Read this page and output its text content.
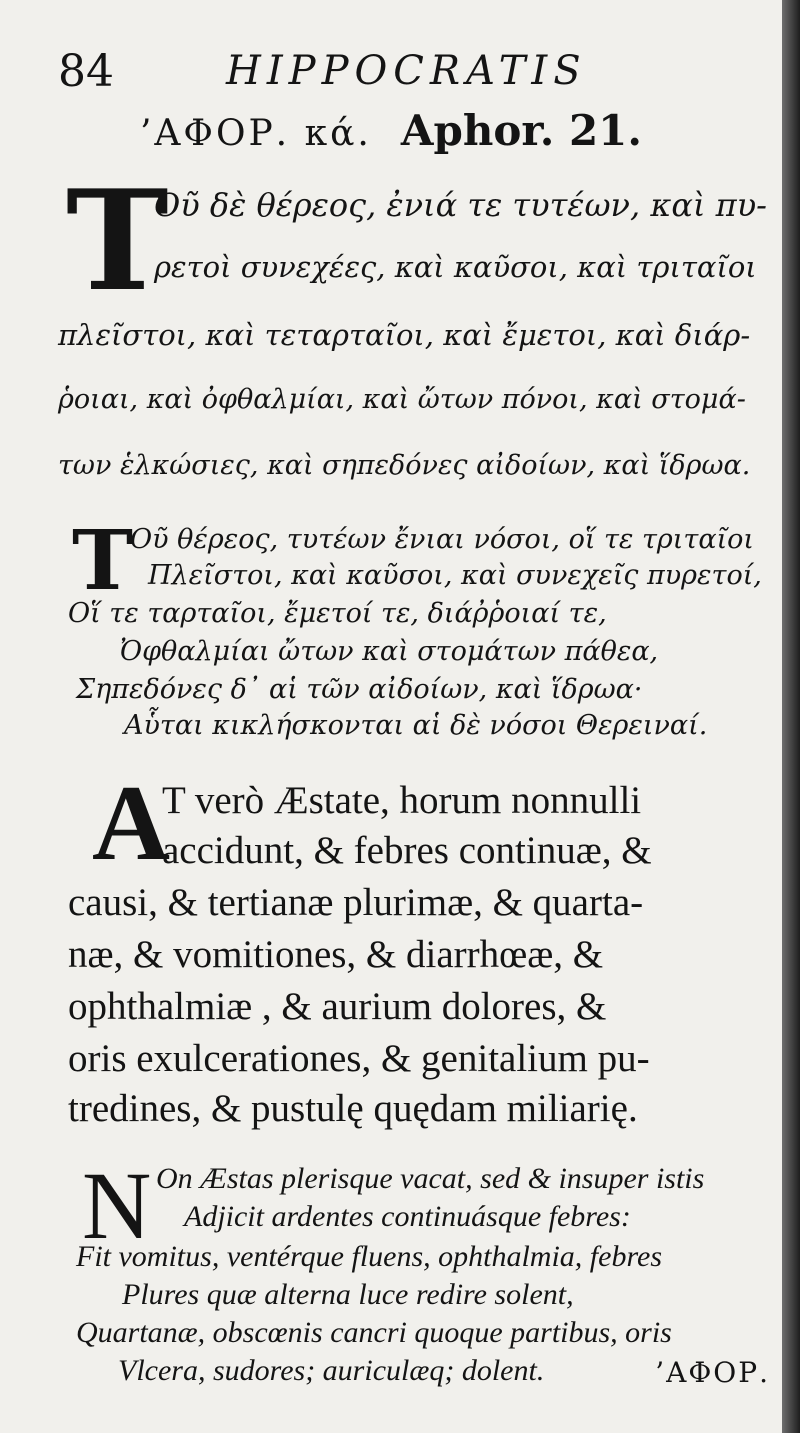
84	HIPPOCRATIS
’ΑΦΟΡ. κά. Aphor. 21.
T
Οῦ δὲ θέρεος, ἐνιά τε τυτέων, καὶ πυ-
ρετοὶ συνεχέες, καὶ καῦσοι, καὶ τριταῖοι
πλεῖστοι, καὶ τεταρταῖοι, καὶ ἔμετοι, καὶ διάρ-
ῥοιαι, καὶ ὀφθαλμίαι, καὶ ὤτων πόνοι, καὶ στομά-
των ἑλκώσιες, καὶ σηπεδόνες αἰδοίων, καὶ ἵδρωα.
T
Οῦ θέρεος, τυτέων ἔνιαι νόσοι, οἵ τε τριταῖοι
Πλεῖστοι, καὶ καῦσοι, καὶ συνεχεῖς πυρετοί,
Οἵ τε ταρταῖοι, ἔμετοί τε, διάῤῥοιαί τε,
Ὀφθαλμίαι ὤτων καὶ στομάτων πάθεα,
Σηπεδόνες δ᾽ αἱ τῶν αἰδοίων, καὶ ἵδρωα·
Αὗται κικλήσκονται αἱ δὲ νόσοι Θερειναί.
A
T verò Æstate, horum nonnulli
accidunt, & febres continuæ, &
causi, & tertianæ plurimæ, & quarta-
næ, & vomitiones, & diarrhœæ, &
ophthalmiæ , & aurium dolores, &
oris exulcerationes, & genitalium pu-
tredines, & pustulę quędam miliarię.
N On Æstas plerisque vacat, sed & insuper istis
Adjicit ardentes continuásque febres:
Fit vomitus, ventérque fluens, ophthalmia, febres
Plures quæ alterna luce redire solent,
Quartanæ, obscœnis cancri quoque partibus, oris
Vlcera, sudores; auriculæq; dolent.	’ΑΦΟΡ.
